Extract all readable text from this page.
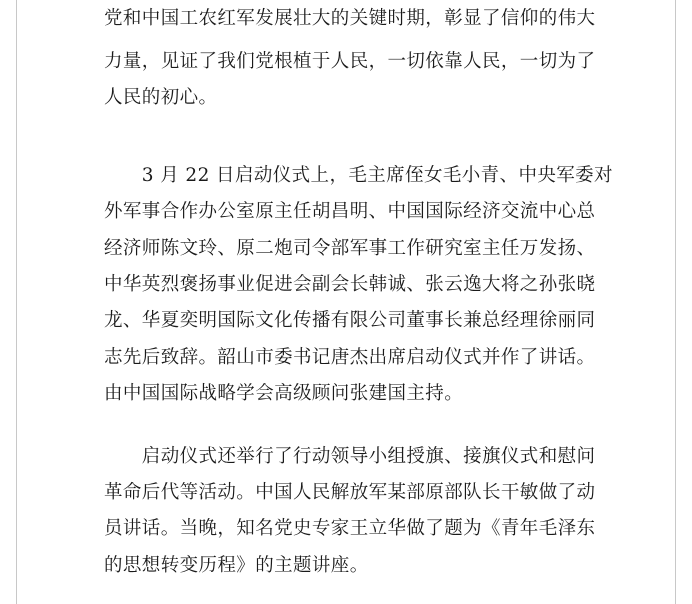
党和中国工农红军发展壮大的关键时期，彰显了信仰的伟大
力量，见证了我们党根植于人民，一切依靠人民，一切为了
人民的初心。
　　3 月 22 日启动仪式上，毛主席侄女毛小青、中央军委对
外军事合作办公室原主任胡昌明、中国国际经济交流中心总
经济师陈文玲、原二炮司令部军事工作研究室主任万发扬、
中华英烈褒扬事业促进会副会长韩诚、张云逸大将之孙张晓
龙、华夏奕明国际文化传播有限公司董事长兼总经理徐丽同
志先后致辞。韶山市委书记唐杰出席启动仪式并作了讲话。
由中国国际战略学会高级顾问张建国主持。
　　启动仪式还举行了行动领导小组授旗、接旗仪式和慰问
革命后代等活动。中国人民解放军某部原部队长干敏做了动
员讲话。当晚，知名党史专家王立华做了题为《青年毛泽东
的思想转变历程》的主题讲座。
